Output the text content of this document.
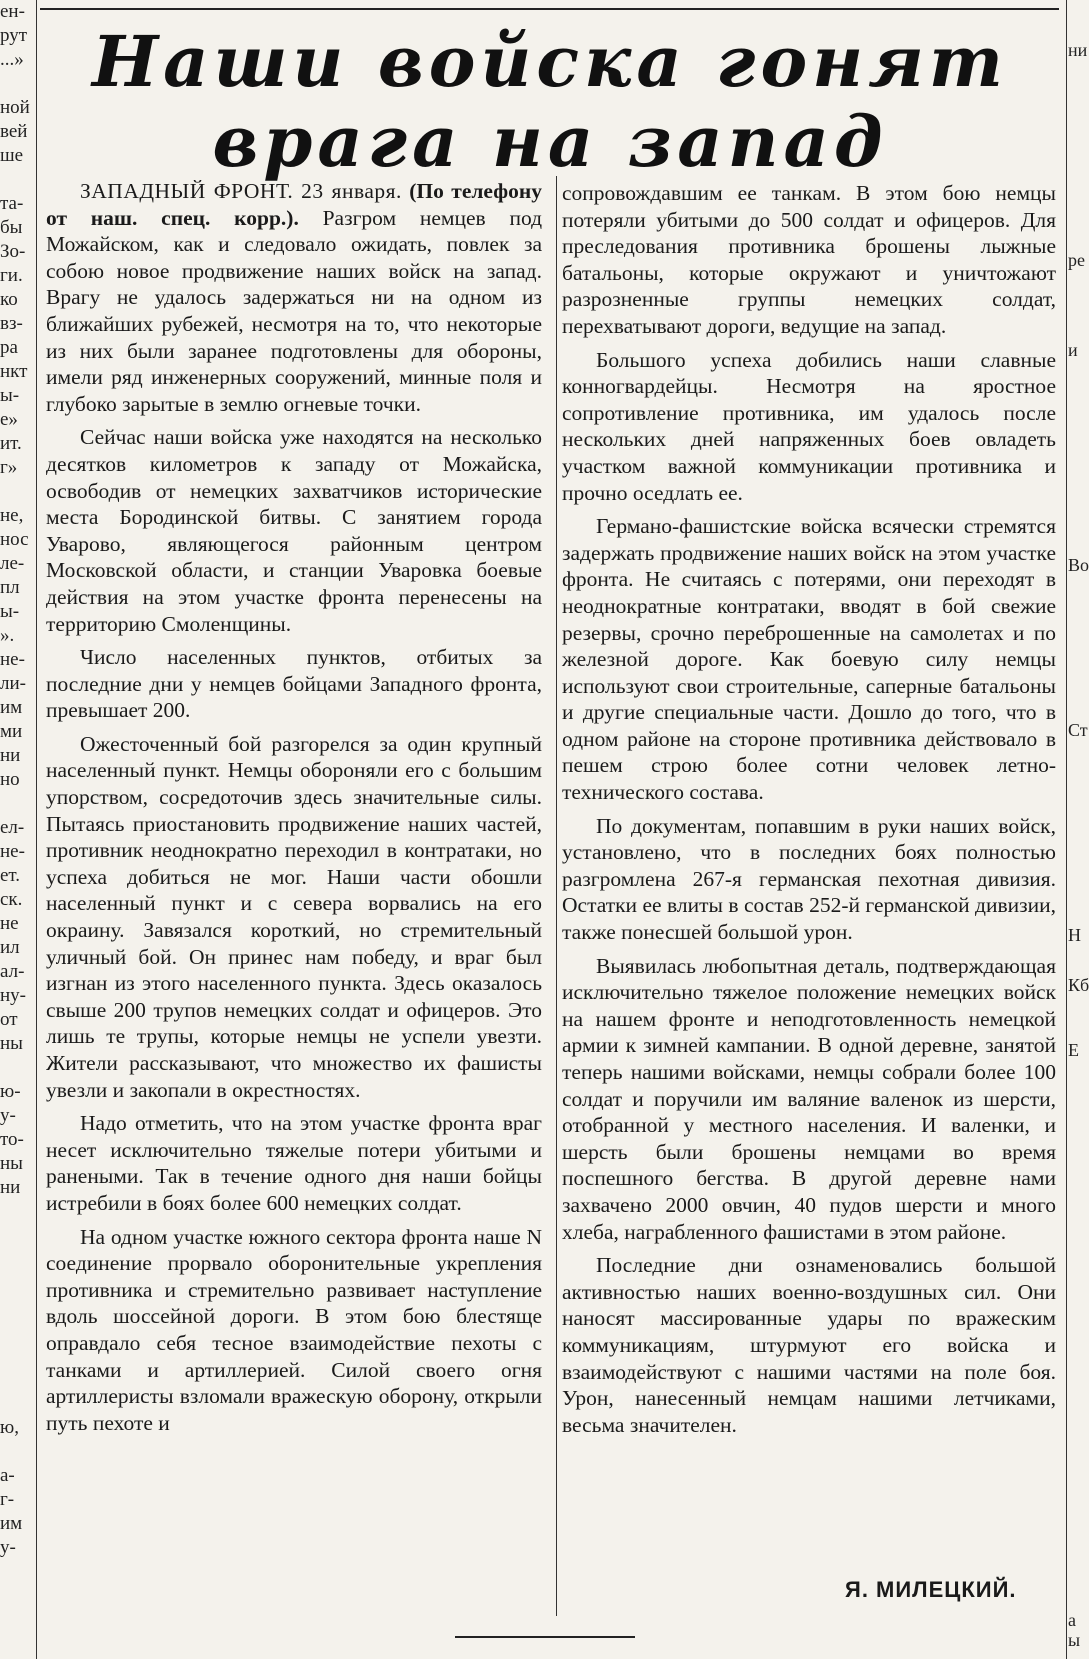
ен-
рут
...»

ной
вей
ше

та-
бы
Зо-
ги.
ко
вз-
ра
нкт
ы-
е»
ит.
г»

не,
нос
ле-
пл
ы-
».
не-
ли-
им
ми
ни
но

ел-
не-
ет.
ск.
не
ил
ал-
ну-
от
ны

ю-
у-
то-
ны
ни

ю,

а-
г-
им
у-
ни
ре
и
Во
Ст
Н
Кб
Е
а
ы
Наши войска гонят
врага на запад

ЗАПАДНЫЙ ФРОНТ. 23 января. (По телефону от наш. спец. корр.). Разгром немцев под Можайском, как и следовало ожидать, повлек за собою новое продвижение наших войск на запад. Врагу не удалось задержаться ни на одном из ближайших рубежей, несмотря на то, что некоторые из них были заранее подготовлены для обороны, имели ряд инженерных сооружений, минные поля и глубоко зарытые в землю огневые точки.

Сейчас наши войска уже находятся на несколько десятков километров к западу от Можайска, освободив от немецких захватчиков исторические места Бородинской битвы. С занятием города Уварово, являющегося районным центром Московской области, и станции Уваровка боевые действия на этом участке фронта перенесены на территорию Смоленщины.

Число населенных пунктов, отбитых за последние дни у немцев бойцами Западного фронта, превышает 200.

Ожесточенный бой разгорелся за один крупный населенный пункт. Немцы обороняли его с большим упорством, сосредоточив здесь значительные силы. Пытаясь приостановить продвижение наших частей, противник неоднократно переходил в контратаки, но успеха добиться не мог. Наши части обошли населенный пункт и с севера ворвались на его окраину. Завязался короткий, но стремительный уличный бой. Он принес нам победу, и враг был изгнан из этого населенного пункта. Здесь оказалось свыше 200 трупов немецких солдат и офицеров. Это лишь те трупы, которые немцы не успели увезти. Жители рассказывают, что множество их фашисты увезли и закопали в окрестностях.

Надо отметить, что на этом участке фронта враг несет исключительно тяжелые потери убитыми и ранеными. Так в течение одного дня наши бойцы истребили в боях более 600 немецких солдат.

На одном участке южного сектора фронта наше N соединение прорвало оборонительные укрепления противника и стремительно развивает наступление вдоль шоссейной дороги. В этом бою блестяще оправдало себя тесное взаимодействие пехоты с танками и артиллерией. Силой своего огня артиллеристы взломали вражескую оборону, открыли путь пехоте и

сопровождавшим ее танкам. В этом бою немцы потеряли убитыми до 500 солдат и офицеров. Для преследования противника брошены лыжные батальоны, которые окружают и уничтожают разрозненные группы немецких солдат, перехватывают дороги, ведущие на запад.

Большого успеха добились наши славные конногвардейцы. Несмотря на яростное сопротивление противника, им удалось после нескольких дней напряженных боев овладеть участком важной коммуникации противника и прочно оседлать ее.

Германо-фашистские войска всячески стремятся задержать продвижение наших войск на этом участке фронта. Не считаясь с потерями, они переходят в неоднократные контратаки, вводят в бой свежие резервы, срочно переброшенные на самолетах и по железной дороге. Как боевую силу немцы используют свои строительные, саперные батальоны и другие специальные части. Дошло до того, что в одном районе на стороне противника действовало в пешем строю более сотни человек летно-технического состава.

По документам, попавшим в руки наших войск, установлено, что в последних боях полностью разгромлена 267-я германская пехотная дивизия. Остатки ее влиты в состав 252-й германской дивизии, также понесшей большой урон.

Выявилась любопытная деталь, подтверждающая исключительно тяжелое положение немецких войск на нашем фронте и неподготовленность немецкой армии к зимней кампании. В одной деревне, занятой теперь нашими войсками, немцы собрали более 100 солдат и поручили им валяние валенок из шерсти, отобранной у местного населения. И валенки, и шерсть были брошены немцами во время поспешного бегства. В другой деревне нами захвачено 2000 овчин, 40 пудов шерсти и много хлеба, награбленного фашистами в этом районе.

Последние дни ознаменовались большой активностью наших военно-воздушных сил. Они наносят массированные удары по вражеским коммуникациям, штурмуют его войска и взаимодействуют с нашими частями на поле боя. Урон, нанесенный немцам нашими летчиками, весьма значителен.

Я. МИЛЕЦКИЙ.
